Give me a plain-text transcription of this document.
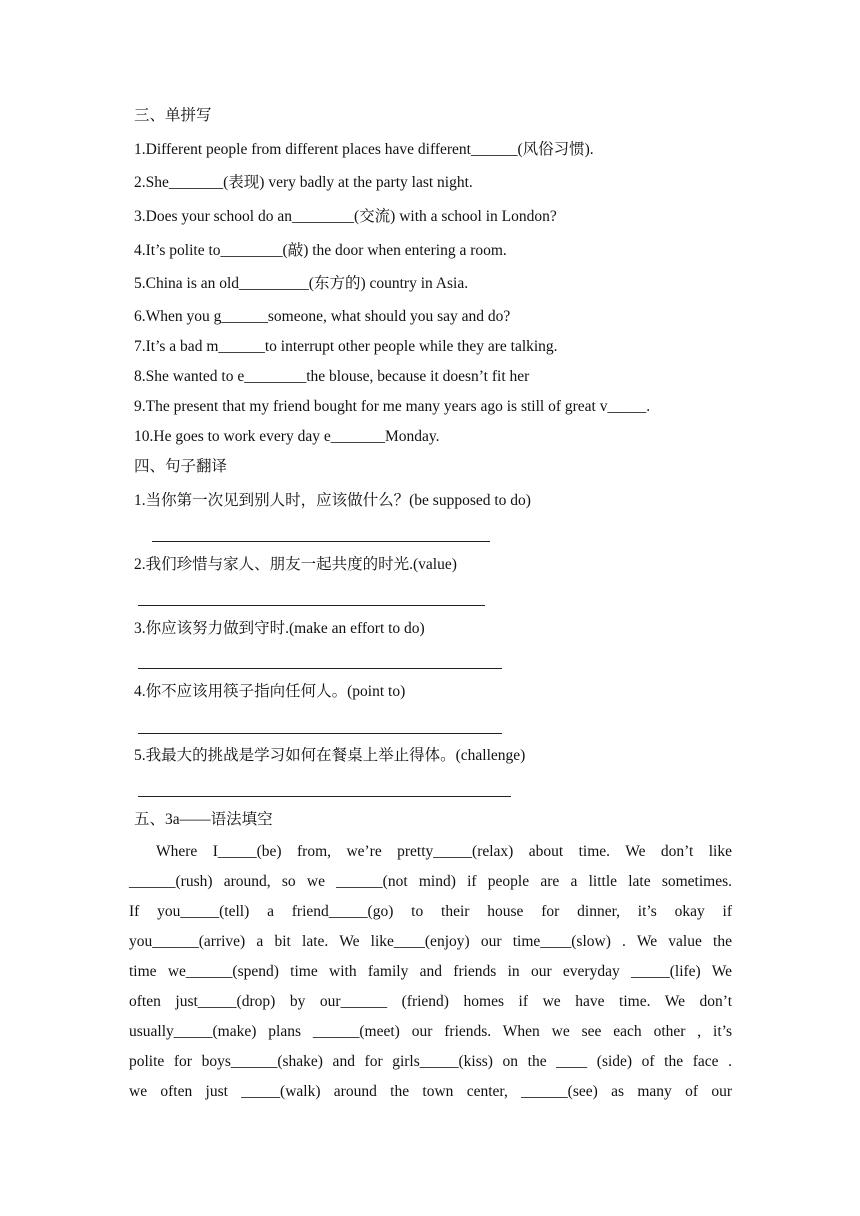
三、单拼写
1.Different people from different places have different______(风俗习惯).
2.She_______(表现) very badly at the party last night.
3.Does your school do an________(交流) with a school in London?
4.It’s polite to________(敲) the door when entering a room.
5.China is an old_________(东方的) country in Asia.
6.When you g______someone, what should you say and do?
7.It’s a bad m______to interrupt other people while they are talking.
8.She wanted to e________the blouse, because it doesn’t fit her
9.The present that my friend bought for me many years ago is still of great v_____.
10.He goes to work every day e_______Monday.
四、句子翻译
1.当你第一次见到别人时，应该做什么？(be supposed to do)
2.我们珍惜与家人、朋友一起共度的时光.(value)
3.你应该努力做到守时.(make an effort to do)
4.你不应该用筷子指向任何人。(point to)
5.我最大的挑战是学习如何在餐桌上举止得体。(challenge)
五、3a——语法填空
Where I_____(be) from, we’re pretty_____(relax) about time. We don’t like
______(rush) around, so we ______(not mind) if people are a little late sometimes.
If you_____(tell) a friend_____(go) to their house for dinner, it’s okay if
you______(arrive) a bit late. We like____(enjoy) our time____(slow) . We value the
time we______(spend) time with family and friends in our everyday _____(life) We
often just_____(drop) by our______ (friend) homes if we have time. We don’t
usually_____(make) plans ______(meet) our friends. When we see each other , it’s
polite for boys______(shake) and for girls_____(kiss) on the ____ (side) of the face .
we often just _____(walk) around the town center, ______(see) as many of our
